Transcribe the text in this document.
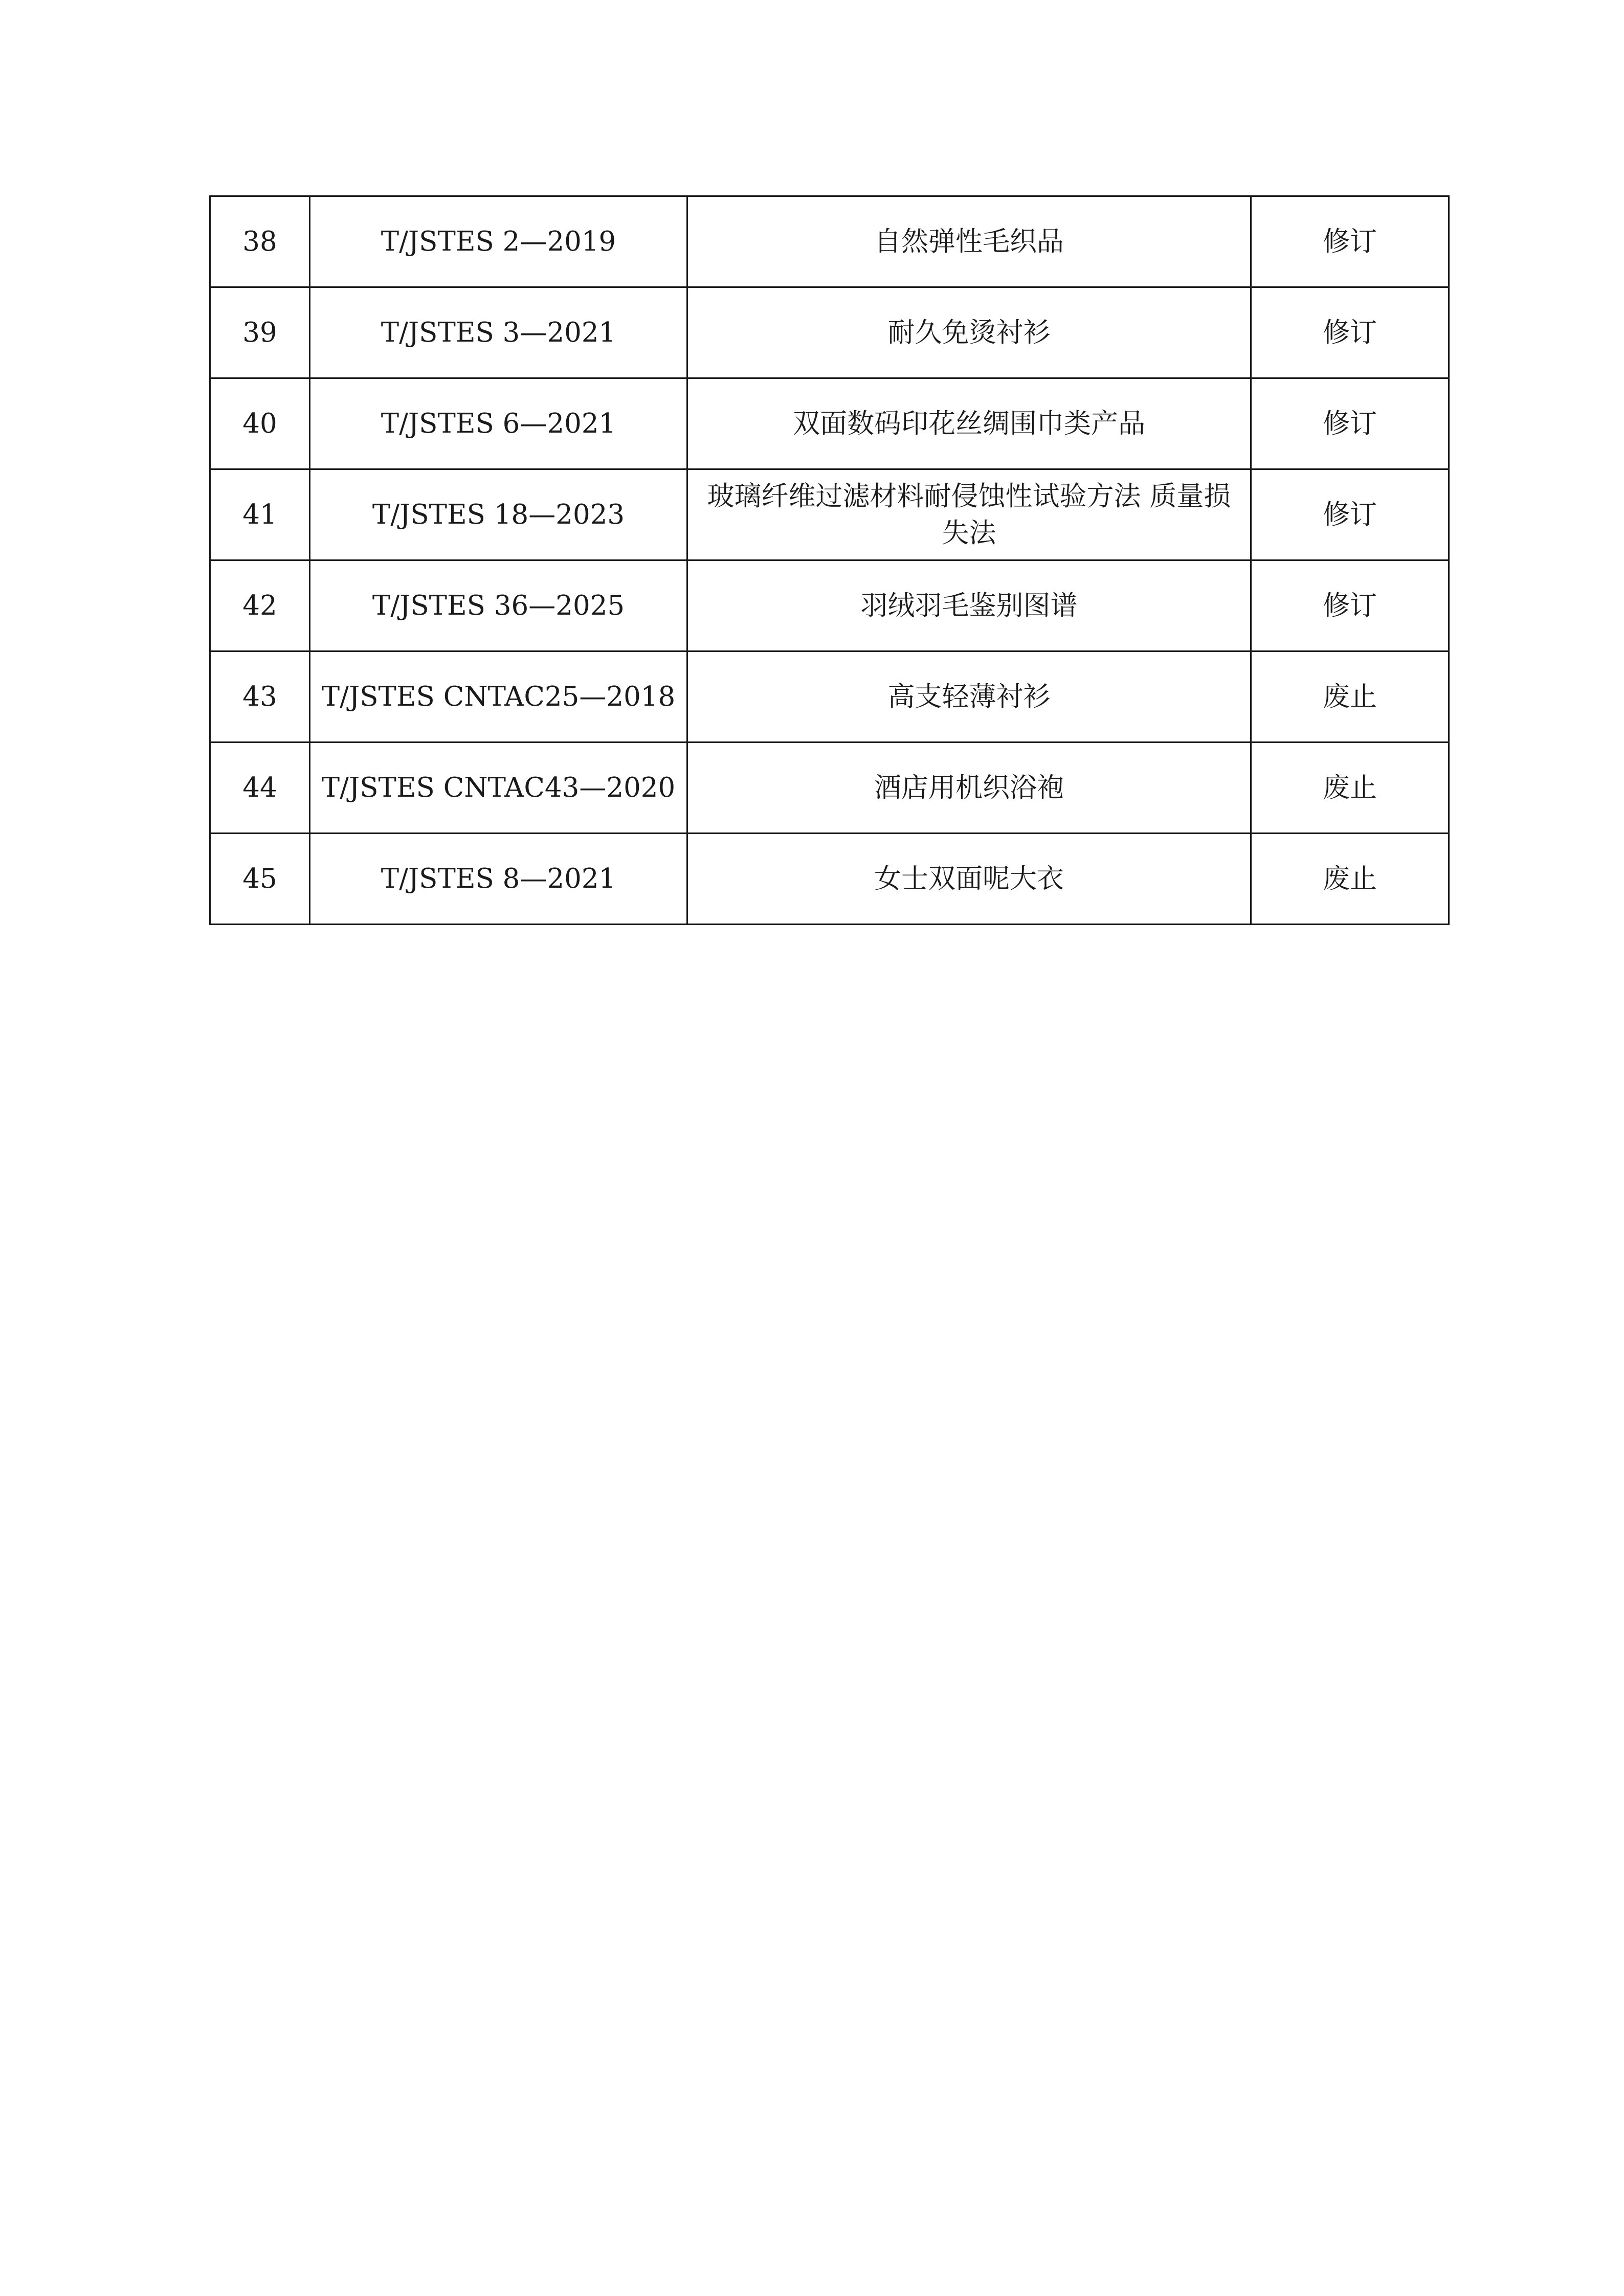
38	T/JSTES 2—2019	自然弹性毛织品	修订
39	T/JSTES 3—2021	耐久免烫衬衫	修订
40	T/JSTES 6—2021	双面数码印花丝绸围巾类产品	修订
41	T/JSTES 18—2023	玻璃纤维过滤材料耐侵蚀性试验方法 质量损失法	修订
42	T/JSTES 36—2025	羽绒羽毛鉴别图谱	修订
43	T/JSTES CNTAC25—2018	高支轻薄衬衫	废止
44	T/JSTES CNTAC43—2020	酒店用机织浴袍	废止
45	T/JSTES 8—2021	女士双面呢大衣	废止
